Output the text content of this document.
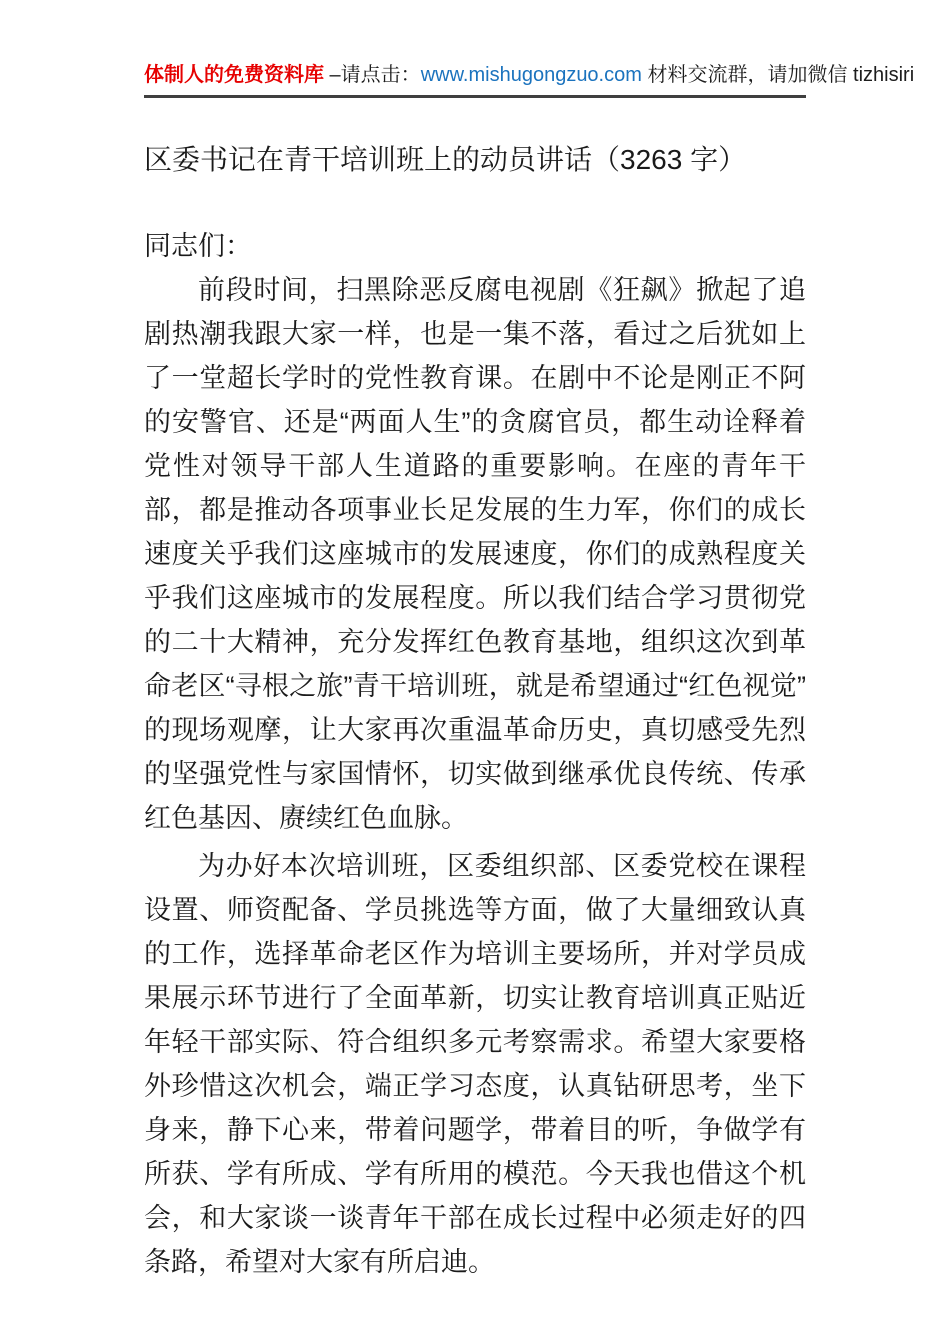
体制人的免费资料库 –请点击：www.mishugongzuo.com 材料交流群，请加微信 tizhisiri
区委书记在青干培训班上的动员讲话（3263 字）

同志们：

前段时间，扫黑除恶反腐电视剧《狂飙》掀起了追剧热潮我跟大家一样，也是一集不落，看过之后犹如上了一堂超长学时的党性教育课。在剧中不论是刚正不阿的安警官、还是“两面人生”的贪腐官员，都生动诠释着党性对领导干部人生道路的重要影响。在座的青年干部，都是推动各项事业长足发展的生力军，你们的成长速度关乎我们这座城市的发展速度，你们的成熟程度关乎我们这座城市的发展程度。所以我们结合学习贯彻党的二十大精神，充分发挥红色教育基地，组织这次到革命老区“寻根之旅”青干培训班，就是希望通过“红色视觉”的现场观摩，让大家再次重温革命历史，真切感受先烈的坚强党性与家国情怀，切实做到继承优良传统、传承红色基因、赓续红色血脉。

为办好本次培训班，区委组织部、区委党校在课程设置、师资配备、学员挑选等方面，做了大量细致认真的工作，选择革命老区作为培训主要场所，并对学员成果展示环节进行了全面革新，切实让教育培训真正贴近年轻干部实际、符合组织多元考察需求。希望大家要格外珍惜这次机会，端正学习态度，认真钻研思考，坐下身来，静下心来，带着问题学，带着目的听，争做学有所获、学有所成、学有所用的模范。今天我也借这个机会，和大家谈一谈青年干部在成长过程中必须走好的四条路，希望对大家有所启迪。
